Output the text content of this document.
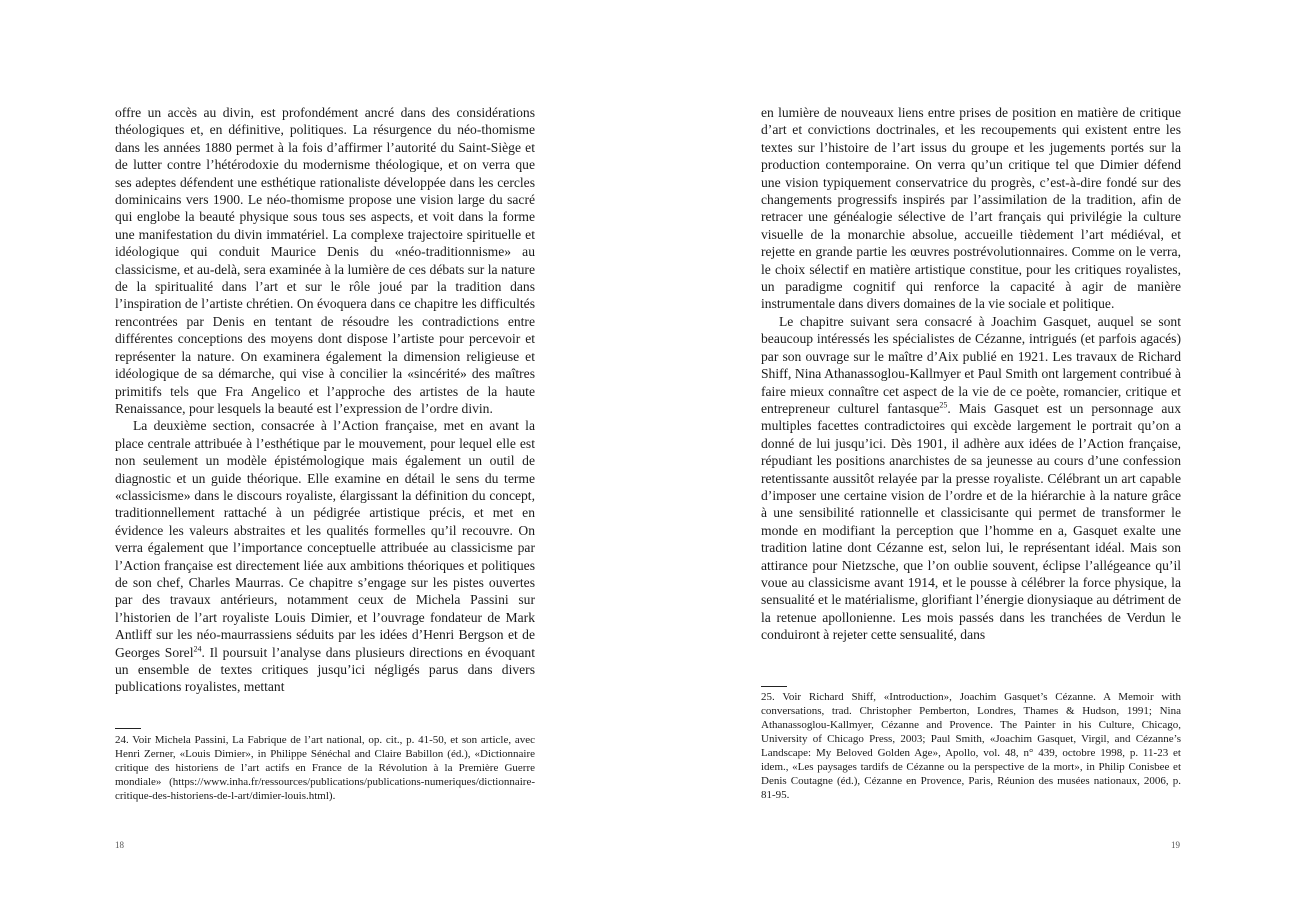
offre un accès au divin, est profondément ancré dans des considérations théologiques et, en définitive, politiques. La résurgence du néo-thomisme dans les années 1880 permet à la fois d’affirmer l’autorité du Saint-Siège et de lutter contre l’hétérodoxie du modernisme théologique, et on verra que ses adeptes défendent une esthétique rationaliste développée dans les cercles dominicains vers 1900. Le néo-thomisme propose une vision large du sacré qui englobe la beauté physique sous tous ses aspects, et voit dans la forme une manifestation du divin immatériel. La complexe trajectoire spirituelle et idéologique qui conduit Maurice Denis du «néo-traditionnisme» au classicisme, et au-delà, sera examinée à la lumière de ces débats sur la nature de la spiritualité dans l’art et sur le rôle joué par la tradition dans l’inspiration de l’artiste chrétien. On évoquera dans ce chapitre les difficultés rencontrées par Denis en tentant de résoudre les contradictions entre différentes conceptions des moyens dont dispose l’artiste pour percevoir et représenter la nature. On examinera également la dimension religieuse et idéologique de sa démarche, qui vise à concilier la «sincérité» des maîtres primitifs tels que Fra Angelico et l’approche des artistes de la haute Renaissance, pour lesquels la beauté est l’expression de l’ordre divin.

La deuxième section, consacrée à l’Action française, met en avant la place centrale attribuée à l’esthétique par le mouvement, pour lequel elle est non seulement un modèle épistémologique mais également un outil de diagnostic et un guide théorique. Elle examine en détail le sens du terme «classicisme» dans le discours royaliste, élargissant la définition du concept, traditionnellement rattaché à un pédigrée artistique précis, et met en évidence les valeurs abstraites et les qualités formelles qu’il recouvre. On verra également que l’importance conceptuelle attribuée au classicisme par l’Action française est directement liée aux ambitions théoriques et politiques de son chef, Charles Maurras. Ce chapitre s’engage sur les pistes ouvertes par des travaux antérieurs, notamment ceux de Michela Passini sur l’historien de l’art royaliste Louis Dimier, et l’ouvrage fondateur de Mark Antliff sur les néo-maurrassiens séduits par les idées d’Henri Bergson et de Georges Sorel$^{24}$. Il poursuit l’analyse dans plusieurs directions en évoquant un ensemble de textes critiques jusqu’ici négligés parus dans divers publications royalistes, mettant

24. Voir Michela Passini, La Fabrique de l’art national, op. cit., p. 41-50, et son article, avec Henri Zerner, «Louis Dimier», in Philippe Sénéchal and Claire Babillon (éd.), «Dictionnaire critique des historiens de l’art actifs en France de la Révolution à la Première Guerre mondiale» (https://www.inha.fr/ressources/publications/publications-numeriques/dictionnaire-critique-des-historiens-de-l-art/dimier-louis.html).

18

en lumière de nouveaux liens entre prises de position en matière de critique d’art et convictions doctrinales, et les recoupements qui existent entre les textes sur l’histoire de l’art issus du groupe et les jugements portés sur la production contemporaine. On verra qu’un critique tel que Dimier défend une vision typiquement conservatrice du progrès, c’est-à-dire fondé sur des changements progressifs inspirés par l’assimilation de la tradition, afin de retracer une généalogie sélective de l’art français qui privilégie la culture visuelle de la monarchie absolue, accueille tièdement l’art médiéval, et rejette en grande partie les œuvres postrévolutionnaires. Comme on le verra, le choix sélectif en matière artistique constitue, pour les critiques royalistes, un paradigme cognitif qui renforce la capacité à agir de manière instrumentale dans divers domaines de la vie sociale et politique.

Le chapitre suivant sera consacré à Joachim Gasquet, auquel se sont beaucoup intéressés les spécialistes de Cézanne, intrigués (et parfois agacés) par son ouvrage sur le maître d’Aix publié en 1921. Les travaux de Richard Shiff, Nina Athanassoglou-Kallmyer et Paul Smith ont largement contribué à faire mieux connaître cet aspect de la vie de ce poète, romancier, critique et entrepreneur culturel fantasque$^{25}$. Mais Gasquet est un personnage aux multiples facettes contradictoires qui excède largement le portrait qu’on a donné de lui jusqu’ici. Dès 1901, il adhère aux idées de l’Action française, répudiant les positions anarchistes de sa jeunesse au cours d’une confession retentissante aussitôt relayée par la presse royaliste. Célébrant un art capable d’imposer une certaine vision de l’ordre et de la hiérarchie à la nature grâce à une sensibilité rationnelle et classicisante qui permet de transformer le monde en modifiant la perception que l’homme en a, Gasquet exalte une tradition latine dont Cézanne est, selon lui, le représentant idéal. Mais son attirance pour Nietzsche, que l’on oublie souvent, éclipse l’allégeance qu’il voue au classicisme avant 1914, et le pousse à célébrer la force physique, la sensualité et le matérialisme, glorifiant l’énergie dionysiaque au détriment de la retenue apollonienne. Les mois passés dans les tranchées de Verdun le conduiront à rejeter cette sensualité, dans

25. Voir Richard Shiff, «Introduction», Joachim Gasquet’s Cézanne. A Memoir with conversations, trad. Christopher Pemberton, Londres, Thames & Hudson, 1991; Nina Athanassoglou-Kallmyer, Cézanne and Provence. The Painter in his Culture, Chicago, University of Chicago Press, 2003; Paul Smith, «Joachim Gasquet, Virgil, and Cézanne’s Landscape: My Beloved Golden Age», Apollo, vol. 48, n° 439, octobre 1998, p. 11-23 et idem., «Les paysages tardifs de Cézanne ou la perspective de la mort», in Philip Conisbee et Denis Coutagne (éd.), Cézanne en Provence, Paris, Réunion des musées nationaux, 2006, p. 81-95.

19
